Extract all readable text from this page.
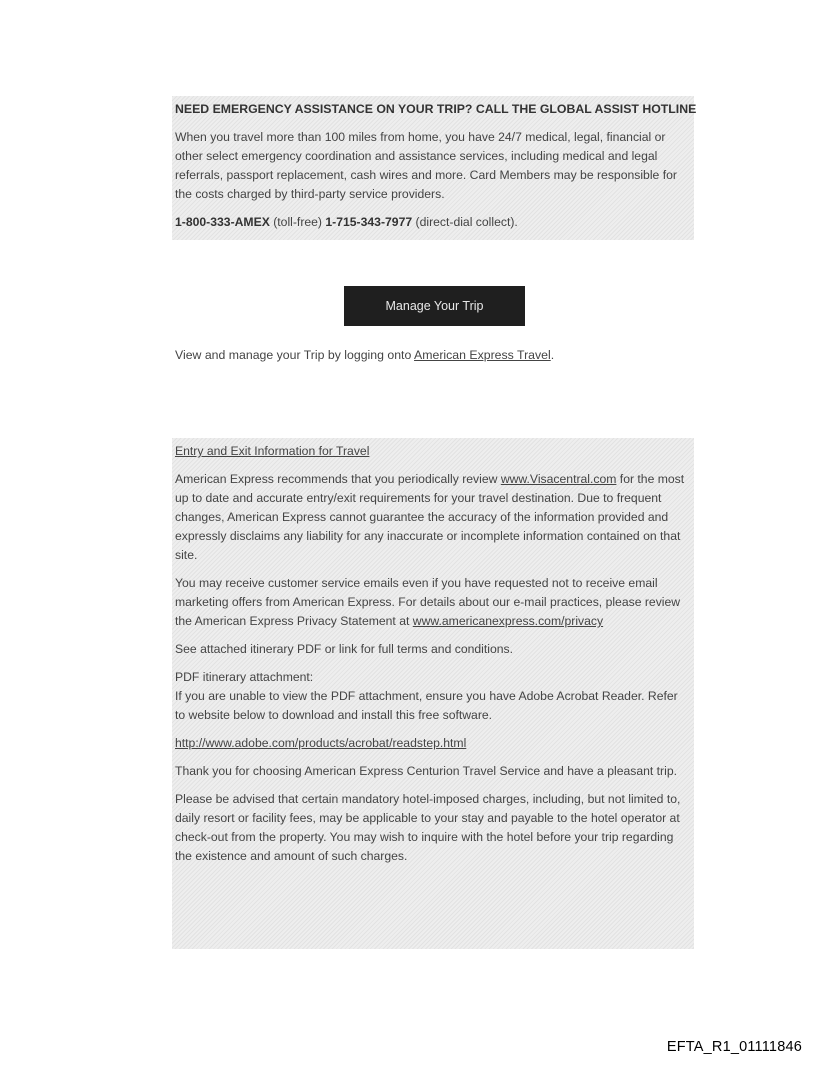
NEED EMERGENCY ASSISTANCE ON YOUR TRIP? CALL THE GLOBAL ASSIST HOTLINE

When you travel more than 100 miles from home, you have 24/7 medical, legal, financial or other select emergency coordination and assistance services, including medical and legal referrals, passport replacement, cash wires and more. Card Members may be responsible for the costs charged by third-party service providers.

1-800-333-AMEX (toll-free) 1-715-343-7977 (direct-dial collect).

Manage Your Trip

View and manage your Trip by logging onto American Express Travel.

Entry and Exit Information for Travel

American Express recommends that you periodically review www.Visacentral.com for the most up to date and accurate entry/exit requirements for your travel destination. Due to frequent changes, American Express cannot guarantee the accuracy of the information provided and expressly disclaims any liability for any inaccurate or incomplete information contained on that site.

You may receive customer service emails even if you have requested not to receive email marketing offers from American Express. For details about our e-mail practices, please review the American Express Privacy Statement at www.americanexpress.com/privacy

See attached itinerary PDF or link for full terms and conditions.

PDF itinerary attachment:

If you are unable to view the PDF attachment, ensure you have Adobe Acrobat Reader. Refer to website below to download and install this free software.

http://www.adobe.com/products/acrobat/readstep.html

Thank you for choosing American Express Centurion Travel Service and have a pleasant trip.

Please be advised that certain mandatory hotel-imposed charges, including, but not limited to, daily resort or facility fees, may be applicable to your stay and payable to the hotel operator at check-out from the property. You may wish to inquire with the hotel before your trip regarding the existence and amount of such charges.

EFTA_R1_01111846
